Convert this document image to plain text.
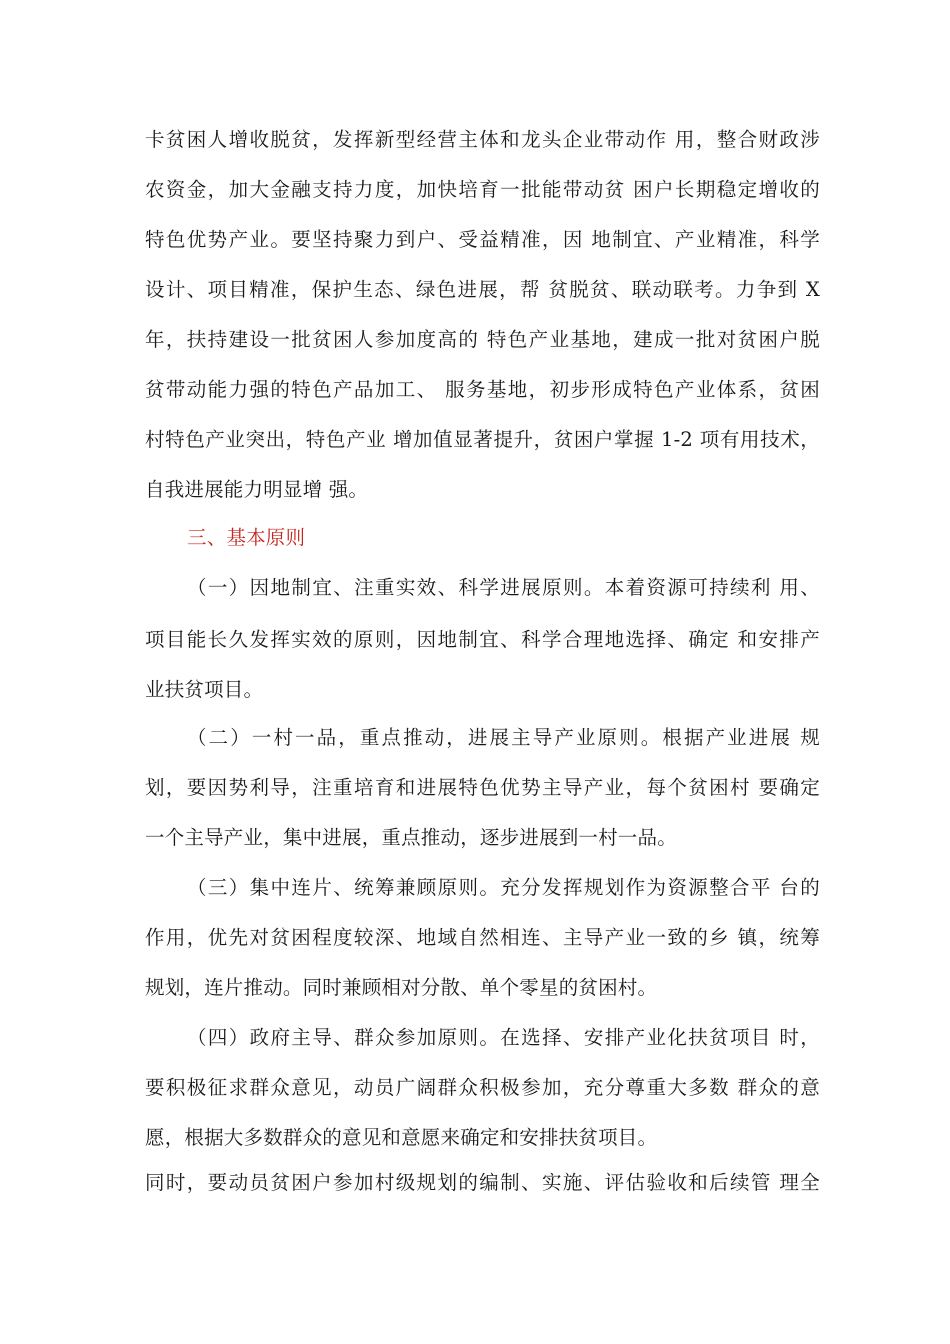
卡贫困人增收脱贫，发挥新型经营主体和龙头企业带动作 用，整合财政涉
农资金，加大金融支持力度，加快培育一批能带动贫 困户长期稳定增收的
特色优势产业。要坚持聚力到户、受益精准，因 地制宜、产业精准，科学
设计、项目精准，保护生态、绿色进展，帮 贫脱贫、联动联考。力争到 X
年，扶持建设一批贫困人参加度高的 特色产业基地，建成一批对贫困户脱
贫带动能力强的特色产品加工、 服务基地，初步形成特色产业体系，贫困
村特色产业突出，特色产业 增加值显著提升，贫困户掌握 1-2 项有用技术，
自我进展能力明显增 强。
三、基本原则
（一）因地制宜、注重实效、科学进展原则。本着资源可持续利 用、
项目能长久发挥实效的原则，因地制宜、科学合理地选择、确定 和安排产
业扶贫项目。
（二）一村一品，重点推动，进展主导产业原则。根据产业进展 规
划，要因势利导，注重培育和进展特色优势主导产业，每个贫困村 要确定
一个主导产业，集中进展，重点推动，逐步进展到一村一品。
（三）集中连片、统筹兼顾原则。充分发挥规划作为资源整合平 台的
作用，优先对贫困程度较深、地域自然相连、主导产业一致的乡 镇，统筹
规划，连片推动。同时兼顾相对分散、单个零星的贫困村。
（四）政府主导、群众参加原则。在选择、安排产业化扶贫项目 时，
要积极征求群众意见，动员广阔群众积极参加，充分尊重大多数 群众的意
愿，根据大多数群众的意见和意愿来确定和安排扶贫项目。
同时，要动员贫困户参加村级规划的编制、实施、评估验收和后续管 理全
